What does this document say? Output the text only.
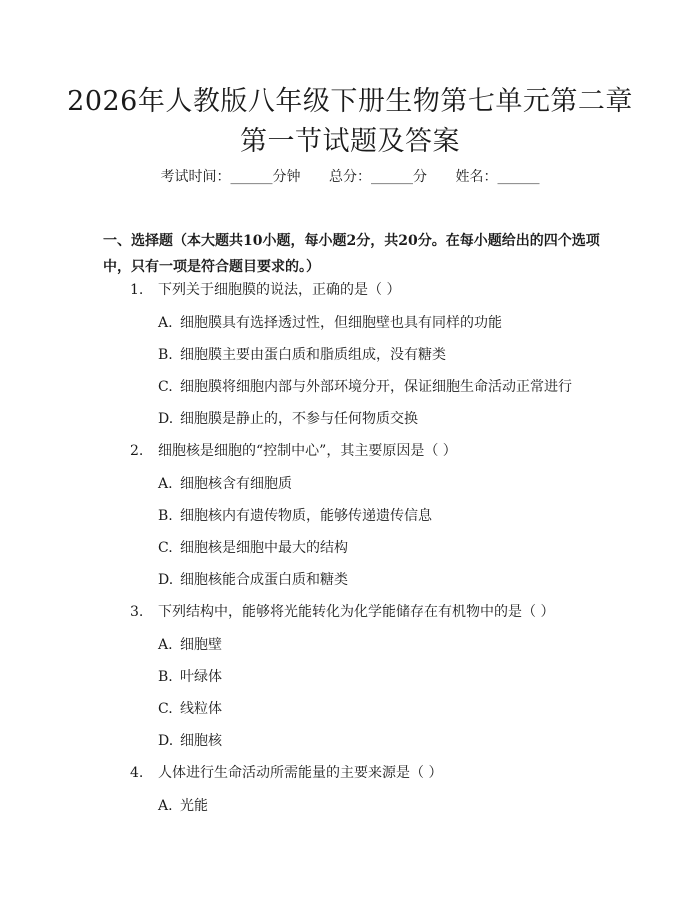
2026年人教版八年级下册生物第七单元第二章第一节试题及答案
考试时间：______分钟 总分：______分 姓名：______

一、选择题（本大题共10小题，每小题2分，共20分。在每小题给出的四个选项中，只有一项是符合题目要求的。）

1. 下列关于细胞膜的说法，正确的是（ ）
A. 细胞膜具有选择透过性，但细胞壁也具有同样的功能
B. 细胞膜主要由蛋白质和脂质组成，没有糖类
C. 细胞膜将细胞内部与外部环境分开，保证细胞生命活动正常进行
D. 细胞膜是静止的，不参与任何物质交换
2. 细胞核是细胞的“控制中心”，其主要原因是（ ）
A. 细胞核含有细胞质
B. 细胞核内有遗传物质，能够传递遗传信息
C. 细胞核是细胞中最大的结构
D. 细胞核能合成蛋白质和糖类
3. 下列结构中，能够将光能转化为化学能储存在有机物中的是（ ）
A. 细胞壁
B. 叶绿体
C. 线粒体
D. 细胞核
4. 人体进行生命活动所需能量的主要来源是（ ）
A. 光能
